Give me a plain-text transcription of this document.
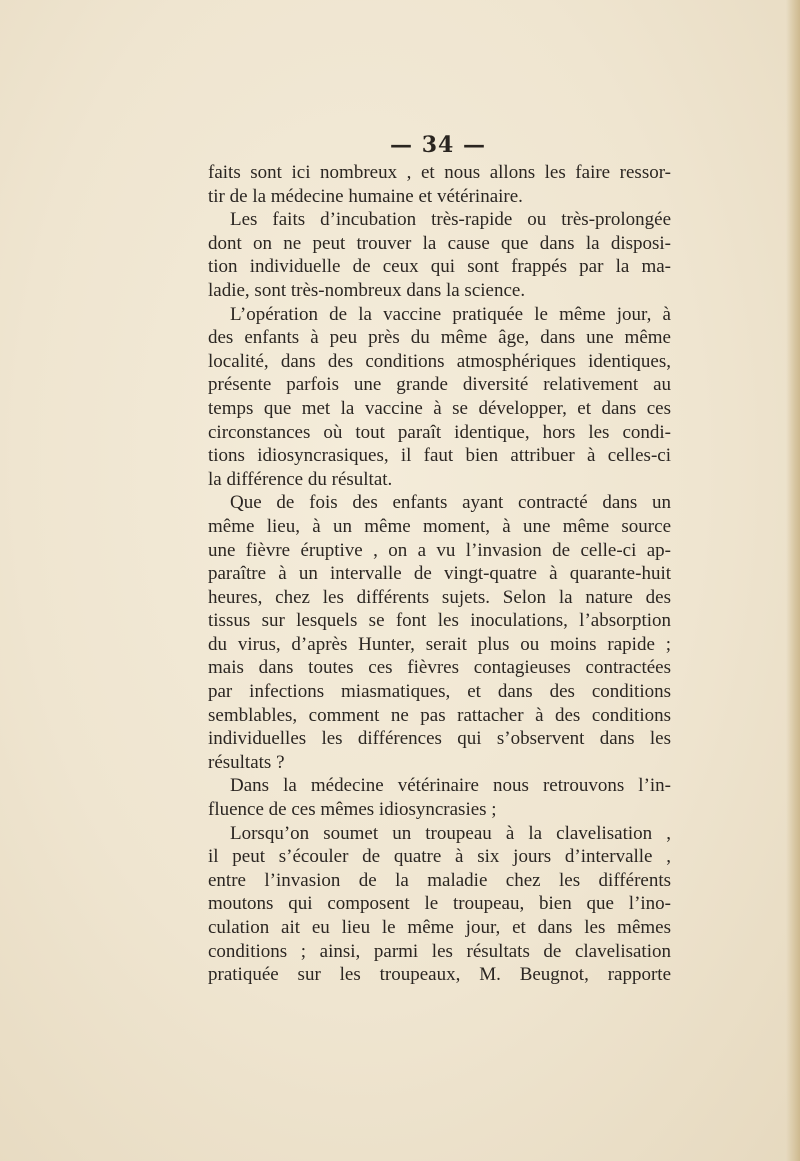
— 34 —
faits sont ici nombreux , et nous allons les faire ressor-
tir de la médecine humaine et vétérinaire.
Les faits d’incubation très-rapide ou très-prolongée
dont on ne peut trouver la cause que dans la disposi-
tion individuelle de ceux qui sont frappés par la ma-
ladie, sont très-nombreux dans la science.
L’opération de la vaccine pratiquée le même jour, à
des enfants à peu près du même âge, dans une même
localité, dans des conditions atmosphériques identiques,
présente parfois une grande diversité relativement au
temps que met la vaccine à se développer, et dans ces
circonstances où tout paraît identique, hors les condi-
tions idiosyncrasiques, il faut bien attribuer à celles-ci
la différence du résultat.
Que de fois des enfants ayant contracté dans un
même lieu, à un même moment, à une même source
une fièvre éruptive , on a vu l’invasion de celle-ci ap-
paraître à un intervalle de vingt-quatre à quarante-huit
heures, chez les différents sujets. Selon la nature des
tissus sur lesquels se font les inoculations, l’absorption
du virus, d’après Hunter, serait plus ou moins rapide ;
mais dans toutes ces fièvres contagieuses contractées
par infections miasmatiques, et dans des conditions
semblables, comment ne pas rattacher à des conditions
individuelles les différences qui s’observent dans les
résultats ?
Dans la médecine vétérinaire nous retrouvons l’in-
fluence de ces mêmes idiosyncrasies ;
Lorsqu’on soumet un troupeau à la clavelisation ,
il peut s’écouler de quatre à six jours d’intervalle ,
entre l’invasion de la maladie chez les différents
moutons qui composent le troupeau, bien que l’ino-
culation ait eu lieu le même jour, et dans les mêmes
conditions ; ainsi, parmi les résultats de clavelisation
pratiquée sur les troupeaux, M. Beugnot, rapporte
